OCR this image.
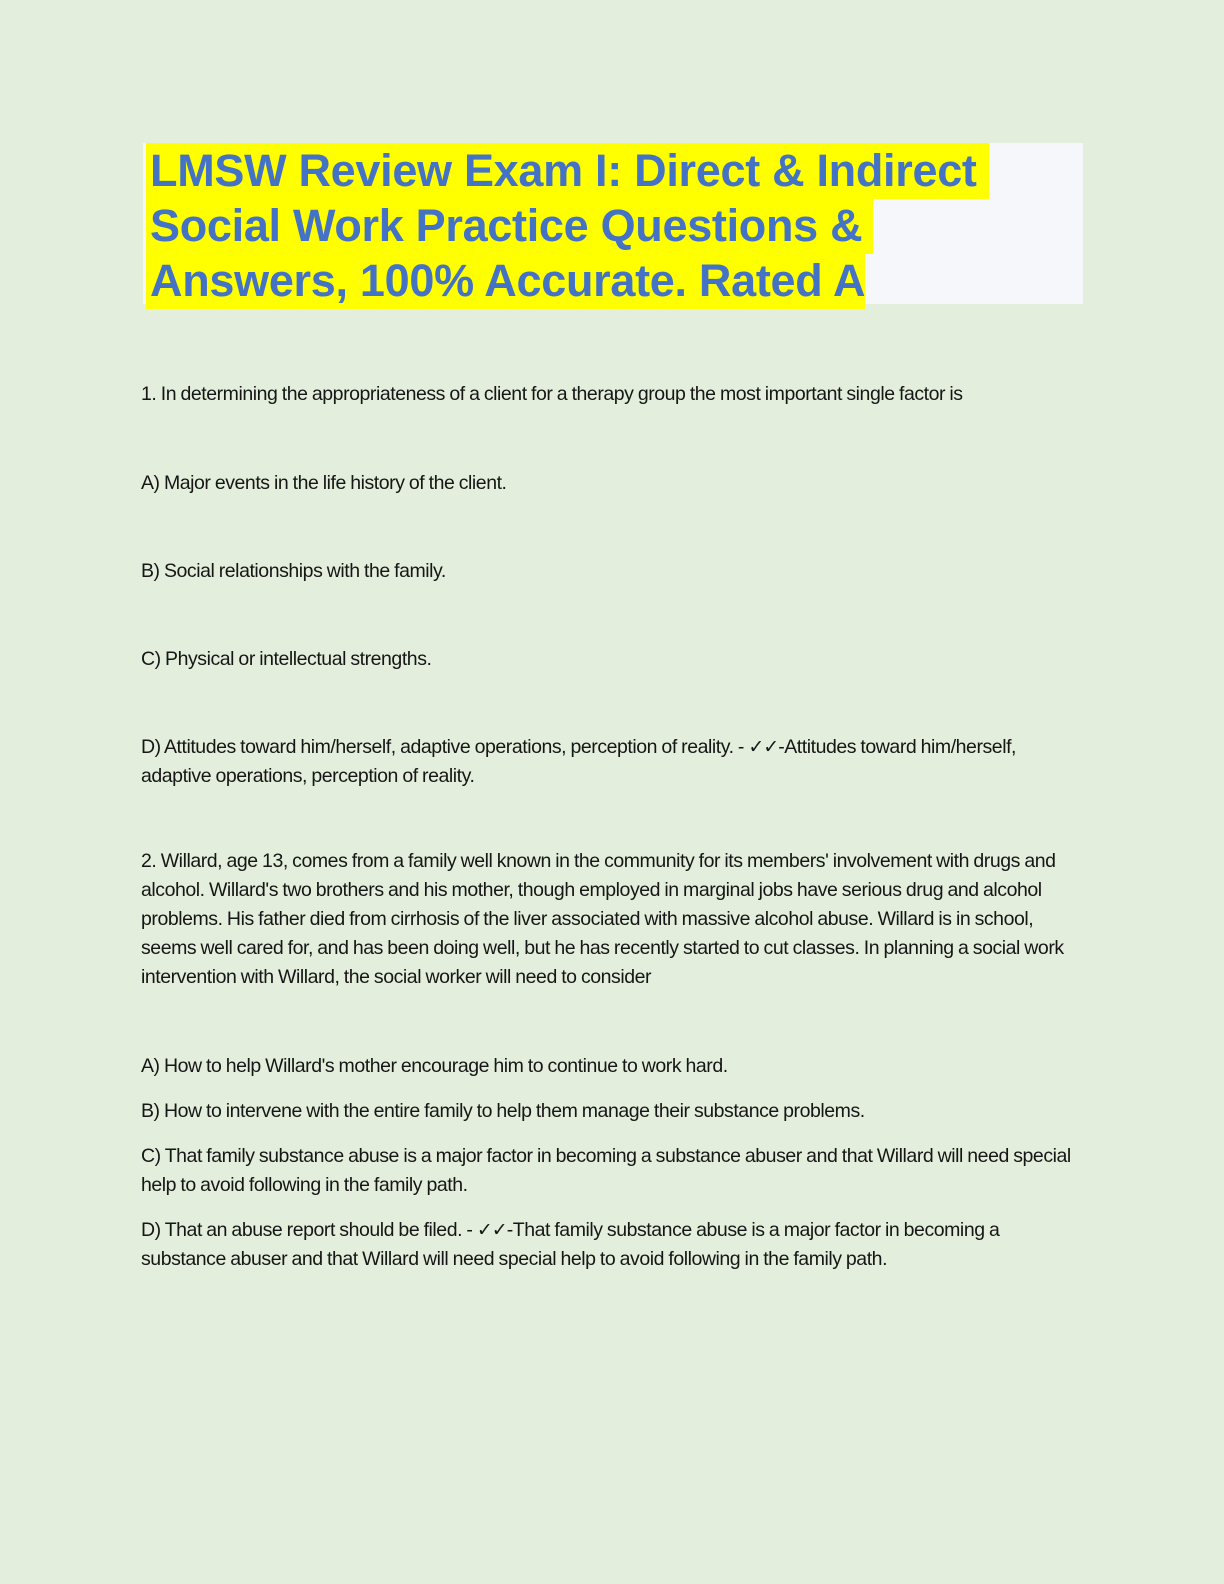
LMSW Review Exam I: Direct & Indirect Social Work Practice Questions & Answers, 100% Accurate. Rated A

1. In determining the appropriateness of a client for a therapy group the most important single factor is

A) Major events in the life history of the client.

B) Social relationships with the family.

C) Physical or intellectual strengths.

D) Attitudes toward him/herself, adaptive operations, perception of reality. - ✓✓-Attitudes toward him/herself, adaptive operations, perception of reality.

2. Willard, age 13, comes from a family well known in the community for its members' involvement with drugs and alcohol. Willard's two brothers and his mother, though employed in marginal jobs have serious drug and alcohol problems. His father died from cirrhosis of the liver associated with massive alcohol abuse. Willard is in school, seems well cared for, and has been doing well, but he has recently started to cut classes. In planning a social work intervention with Willard, the social worker will need to consider

A) How to help Willard's mother encourage him to continue to work hard.

B) How to intervene with the entire family to help them manage their substance problems.

C) That family substance abuse is a major factor in becoming a substance abuser and that Willard will need special help to avoid following in the family path.

D) That an abuse report should be filed. - ✓✓-That family substance abuse is a major factor in becoming a substance abuser and that Willard will need special help to avoid following in the family path.
